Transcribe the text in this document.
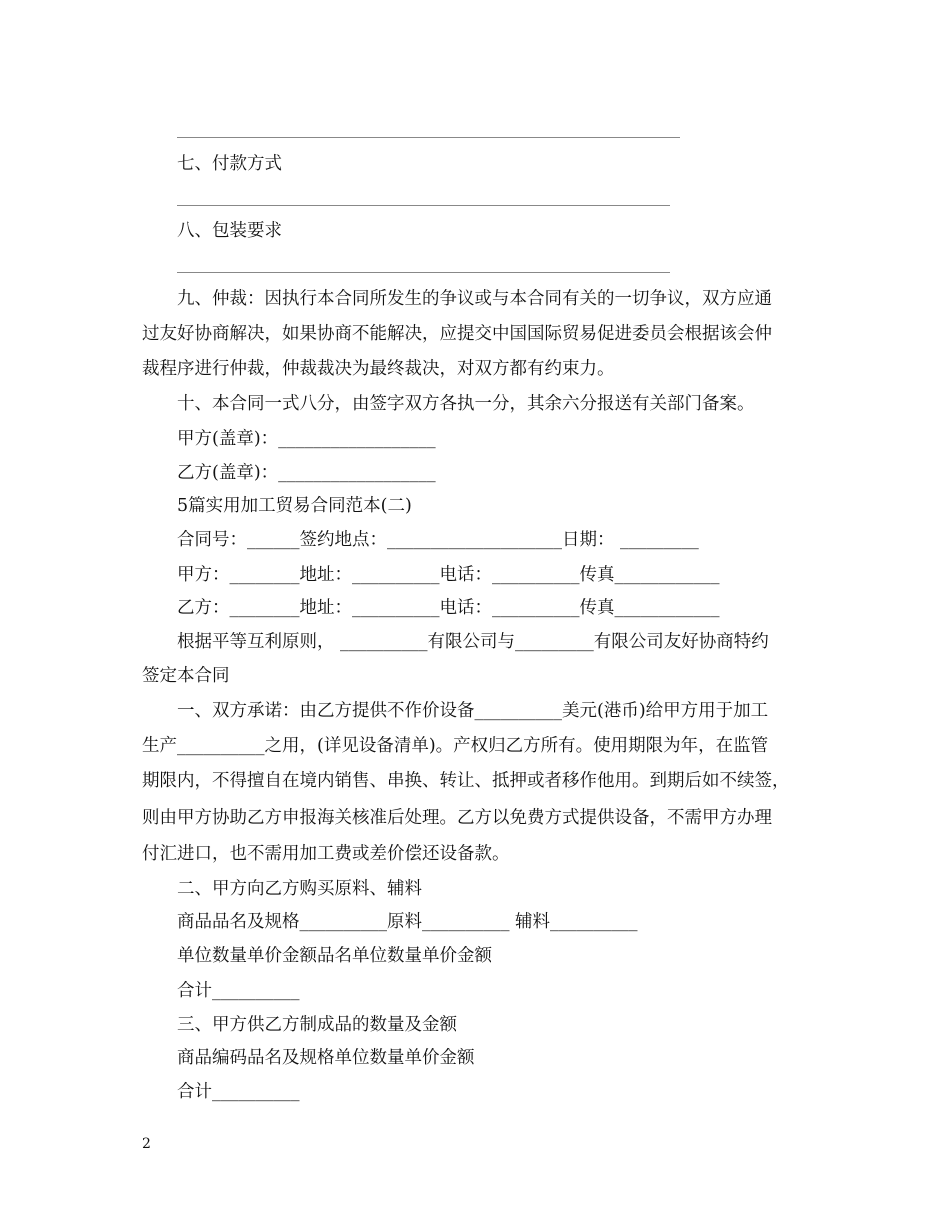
七、付款方式
八、包装要求
九、仲裁：因执行本合同所发生的争议或与本合同有关的一切争议，双方应通
过友好协商解决，如果协商不能解决，应提交中国国际贸易促进委员会根据该会仲
裁程序进行仲裁，仲裁裁决为最终裁决，对双方都有约束力。
十、本合同一式八分，由签字双方各执一分，其余六分报送有关部门备案。
甲方(盖章)：__________________
乙方(盖章)：__________________
5篇实用加工贸易合同范本(二)
合同号：______签约地点：____________________日期： _________
甲方：________地址：__________电话：__________传真____________
乙方：________地址：__________电话：__________传真____________
根据平等互利原则， __________有限公司与_________有限公司友好协商特约
签定本合同
一、双方承诺：由乙方提供不作价设备__________美元(港币)给甲方用于加工
生产__________之用，(详见设备清单)。产权归乙方所有。使用期限为年，在监管
期限内，不得擅自在境内销售、串换、转让、抵押或者移作他用。到期后如不续签，
则由甲方协助乙方申报海关核准后处理。乙方以免费方式提供设备，不需甲方办理
付汇进口，也不需用加工费或差价偿还设备款。
二、甲方向乙方购买原料、辅料
商品品名及规格__________原料__________ 辅料__________
单位数量单价金额品名单位数量单价金额
合计__________
三、甲方供乙方制成品的数量及金额
商品编码品名及规格单位数量单价金额
合计__________
2
